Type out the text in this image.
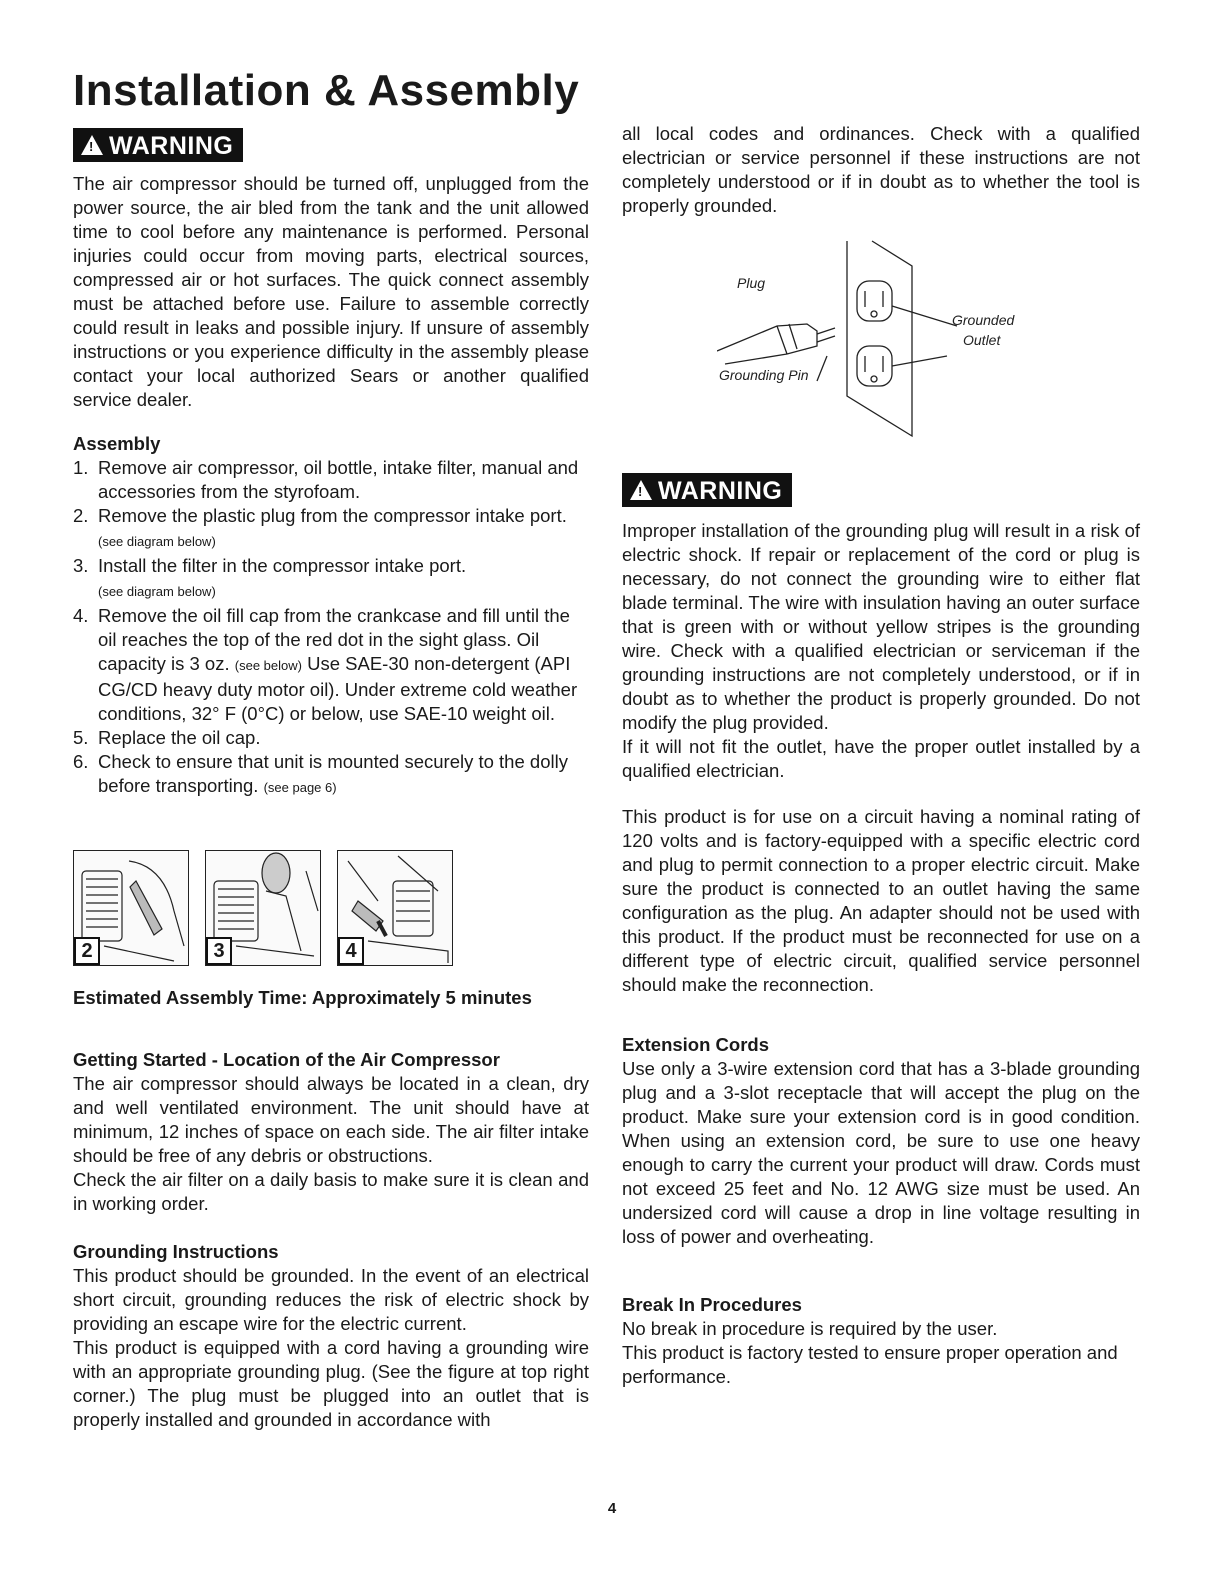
Installation & Assembly
!WARNING

The air compressor should be turned off, unplugged from the power source, the air bled from the tank and the unit allowed time to cool before any maintenance is performed. Personal injuries could occur from moving parts, electrical sources, compressed air or hot surfaces. The quick connect assembly must be attached before use. Failure to assemble correctly could result in leaks and possible injury. If unsure of assembly instructions or you experience difficulty in the assembly please contact your local authorized Sears or another qualified service dealer.

Assembly
1. Remove air compressor, oil bottle, intake filter, manual and accessories from the styrofoam.
2. Remove the plastic plug from the compressor intake port. (see diagram below)
3. Install the filter in the compressor intake port.
(see diagram below)
4. Remove the oil fill cap from the crankcase and fill until the oil reaches the top of the red dot in the sight glass. Oil capacity is 3 oz. (see below) Use SAE-30 non-detergent (API CG/CD heavy duty motor oil). Under extreme cold weather conditions, 32° F (0°C) or below, use SAE-10 weight oil.
5. Replace the oil cap.
6. Check to ensure that unit is mounted securely to the dolly before transporting. (see page 6)
2	3	4
Estimated Assembly Time: Approximately 5 minutes
Getting Started - Location of the Air Compressor

The air compressor should always be located in a clean, dry and well ventilated environment. The unit should have at minimum, 12 inches of space on each side. The air filter intake should be free of any debris or obstructions.

Check the air filter on a daily basis to make sure it is clean and in working order.

Grounding Instructions

This product should be grounded. In the event of an electrical short circuit, grounding reduces the risk of electric shock by providing an escape wire for the electric current.

This product is equipped with a cord having a grounding wire with an appropriate grounding plug. (See the figure at top right corner.) The plug must be plugged into an outlet that is properly installed and grounded in accordance with

all local codes and ordinances. Check with a qualified electrician or service personnel if these instructions are not completely understood or if in doubt as to whether the tool is properly grounded.

Plug
Grounded
Outlet
Grounding Pin
!WARNING

Improper installation of the grounding plug will result in a risk of electric shock. If repair or replacement of the cord or plug is necessary, do not connect the grounding wire to either flat blade terminal. The wire with insulation having an outer surface that is green with or without yellow stripes is the grounding wire. Check with a qualified electrician or serviceman if the grounding instructions are not completely understood, or if in doubt as to whether the product is properly grounded. Do not modify the plug provided.

If it will not fit the outlet, have the proper outlet installed by a qualified electrician.

This product is for use on a circuit having a nominal rating of 120 volts and is factory-equipped with a specific electric cord and plug to permit connection to a proper electric circuit. Make sure the product is connected to an outlet having the same configuration as the plug. An adapter should not be used with this product. If the product must be reconnected for use on a different type of electric circuit, qualified service personnel should make the reconnection.

Extension Cords

Use only a 3-wire extension cord that has a 3-blade grounding plug and a 3-slot receptacle that will accept the plug on the product. Make sure your extension cord is in good condition. When using an extension cord, be sure to use one heavy enough to carry the current your product will draw. Cords must not exceed 25 feet and No. 12 AWG size must be used. An undersized cord will cause a drop in line voltage resulting in loss of power and overheating.

Break In Procedures

No break in procedure is required by the user.

This product is factory tested to ensure proper operation and performance.

4
